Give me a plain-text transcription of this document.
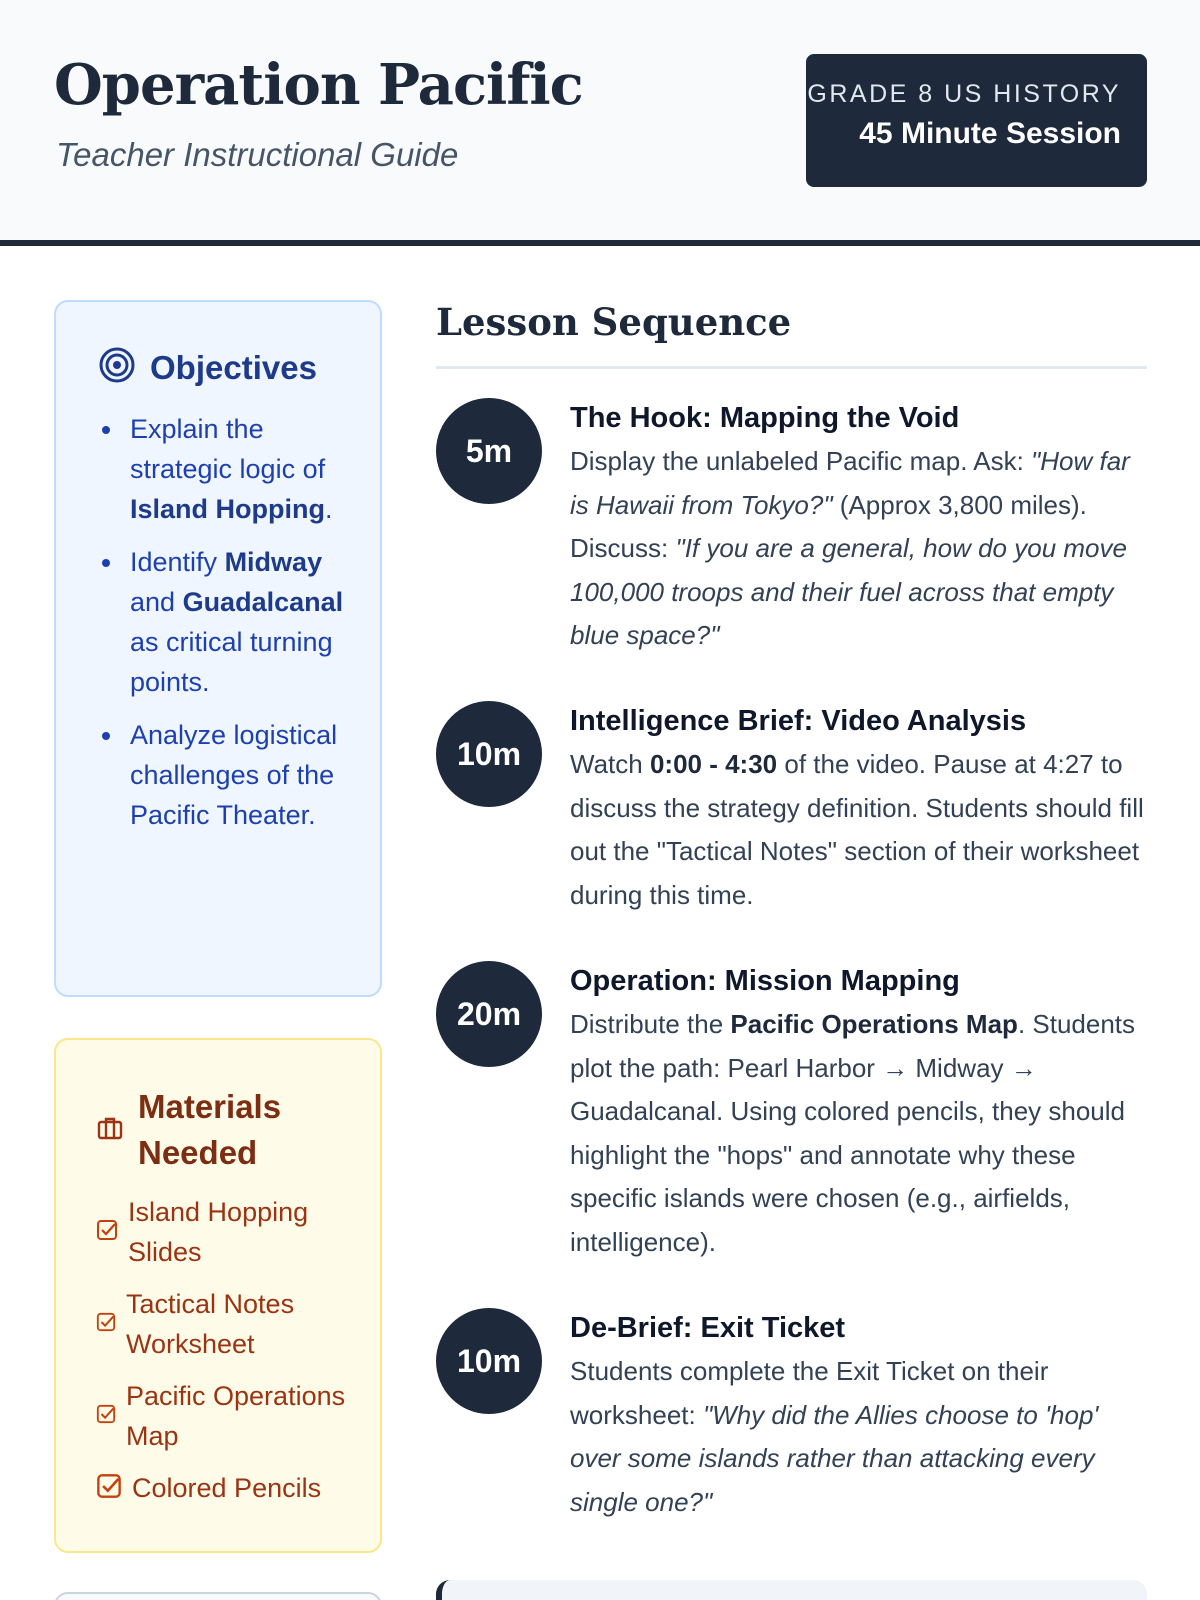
Operation Pacific
Teacher Instructional Guide
GRADE 8 US HISTORY
45 Minute Session
Objectives
Explain the strategic logic of Island Hopping.
Identify Midway and Guadalcanal as critical turning points.
Analyze logistical challenges of the Pacific Theater.
Materials Needed
Island Hopping Slides
Tactical Notes Worksheet
Pacific Operations Map
Colored Pencils
Lesson Sequence
5m
The Hook: Mapping the Void

Display the unlabeled Pacific map. Ask: "How far is Hawaii from Tokyo?" (Approx 3,800 miles). Discuss: "If you are a general, how do you move 100,000 troops and their fuel across that empty blue space?"

10m
Intelligence Brief: Video Analysis

Watch 0:00 - 4:30 of the video. Pause at 4:27 to discuss the strategy definition. Students should fill out the "Tactical Notes" section of their worksheet during this time.

20m
Operation: Mission Mapping

Distribute the Pacific Operations Map. Students plot the path: Pearl Harbor → Midway → Guadalcanal. Using colored pencils, they should highlight the "hops" and annotate why these specific islands were chosen (e.g., airfields, intelligence).

10m
De-Brief: Exit Ticket

Students complete the Exit Ticket on their worksheet: "Why did the Allies choose to 'hop' over some islands rather than attacking every single one?"
